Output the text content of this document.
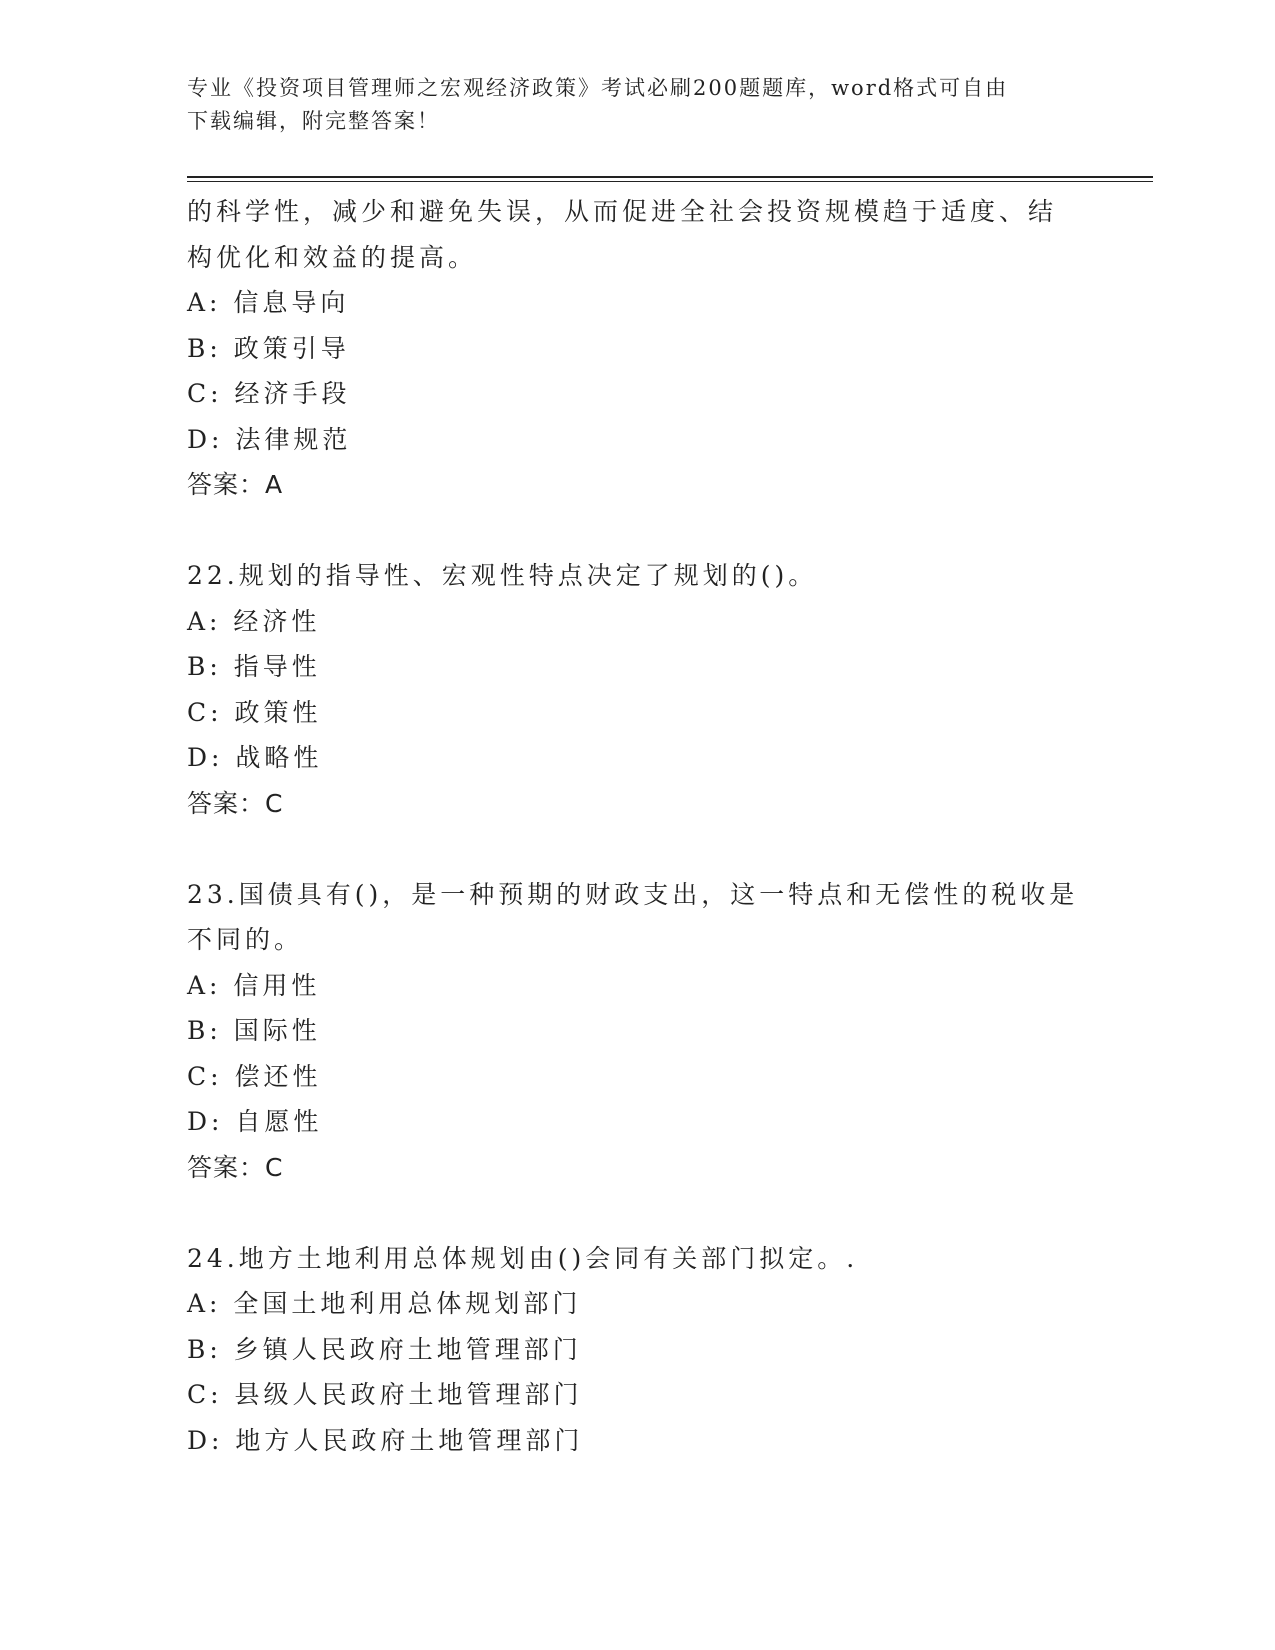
专业《投资项目管理师之宏观经济政策》考试必刷200题题库，word格式可自由
下载编辑，附完整答案！
的科学性，减少和避免失误，从而促进全社会投资规模趋于适度、结
构优化和效益的提高。
A: 信息导向
B: 政策引导
C: 经济手段
D: 法律规范
答案：A
22.规划的指导性、宏观性特点决定了规划的()。
A: 经济性
B: 指导性
C: 政策性
D: 战略性
答案：C
23.国债具有()，是一种预期的财政支出，这一特点和无偿性的税收是
不同的。
A: 信用性
B: 国际性
C: 偿还性
D: 自愿性
答案：C
24.地方土地利用总体规划由()会同有关部门拟定。.
A: 全国土地利用总体规划部门
B: 乡镇人民政府土地管理部门
C: 县级人民政府土地管理部门
D: 地方人民政府土地管理部门
